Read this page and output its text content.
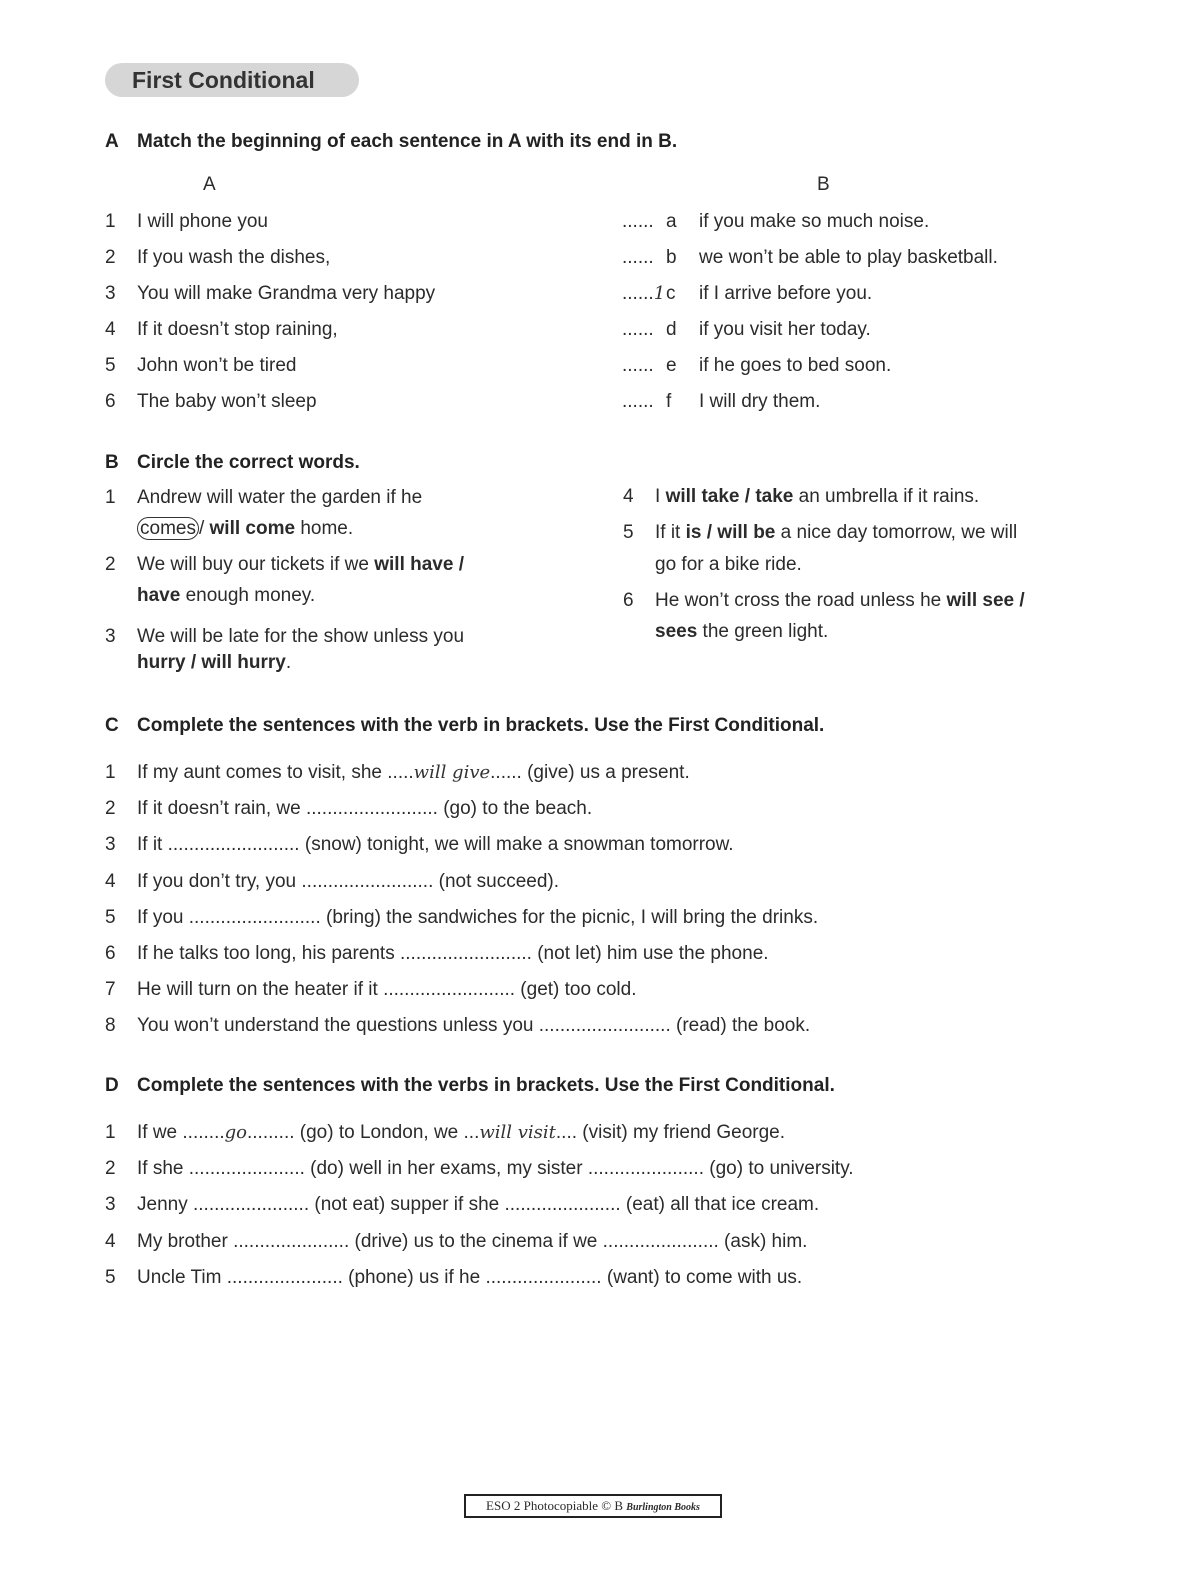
First Conditional
A Match the beginning of each sentence in A with its end in B.
A	B
1 I will phone you	...... a if you make so much noise.
2 If you wash the dishes,	...... b we won’t be able to play basketball.
3 You will make Grandma very happy	......1c if I arrive before you.
4 If it doesn’t stop raining,	...... d if you visit her today.
5 John won’t be tired	...... e if he goes to bed soon.
6 The baby won’t sleep	...... f I will dry them.
B Circle the correct words.
1 Andrew will water the garden if he
comes / will come home.
2 We will buy our tickets if we will have /
have enough money.
3 We will be late for the show unless you
hurry / will hurry.
4 I will take / take an umbrella if it rains.
5 If it is / will be a nice day tomorrow, we will
go for a bike ride.
6 He won’t cross the road unless he will see /
sees the green light.
C Complete the sentences with the verb in brackets. Use the First Conditional.
1 If my aunt comes to visit, she .....will give...... (give) us a present.
2 If it doesn’t rain, we ......................... (go) to the beach.
3 If it ......................... (snow) tonight, we will make a snowman tomorrow.
4 If you don’t try, you ......................... (not succeed).
5 If you ......................... (bring) the sandwiches for the picnic, I will bring the drinks.
6 If he talks too long, his parents ......................... (not let) him use the phone.
7 He will turn on the heater if it ......................... (get) too cold.
8 You won’t understand the questions unless you ......................... (read) the book.
D Complete the sentences with the verbs in brackets. Use the First Conditional.
1 If we ........go......... (go) to London, we ...will visit.... (visit) my friend George.
2 If she ...................... (do) well in her exams, my sister ...................... (go) to university.
3 Jenny ...................... (not eat) supper if she ...................... (eat) all that ice cream.
4 My brother ...................... (drive) us to the cinema if we ...................... (ask) him.
5 Uncle Tim ...................... (phone) us if he ...................... (want) to come with us.
ESO 2 Photocopiable © B Burlington Books
